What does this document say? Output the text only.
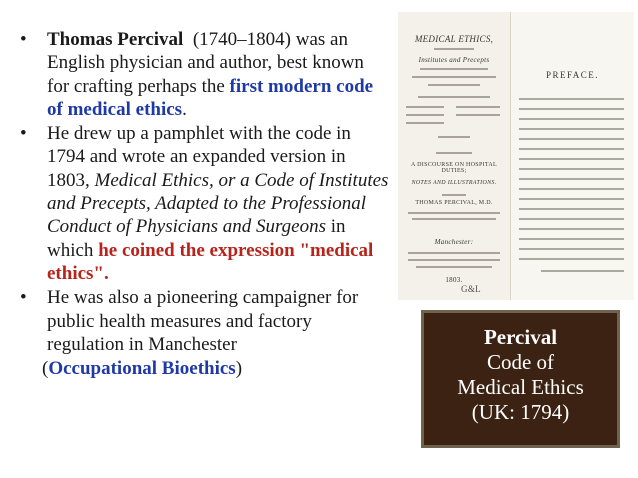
• Thomas Percival (1740–1804) was an English physician and author, best known for crafting perhaps the first modern code of medical ethics.
• He drew up a pamphlet with the code in 1794 and wrote an expanded version in 1803, Medical Ethics, or a Code of Institutes and Precepts, Adapted to the Professional Conduct of Physicians and Surgeons in which he coined the expression "medical ethics".
• He was also a pioneering campaigner for public health measures and factory regulation in Manchester
(Occupational Bioethics)
MEDICAL ETHICS,
Institutes and Precepts
A DISCOURSE ON HOSPITAL DUTIES;
NOTES AND ILLUSTRATIONS.
THOMAS PERCIVAL, M.D.
Manchester:
1803.
PREFACE.
G&L
Percival
Code of
Medical Ethics
(UK: 1794)
